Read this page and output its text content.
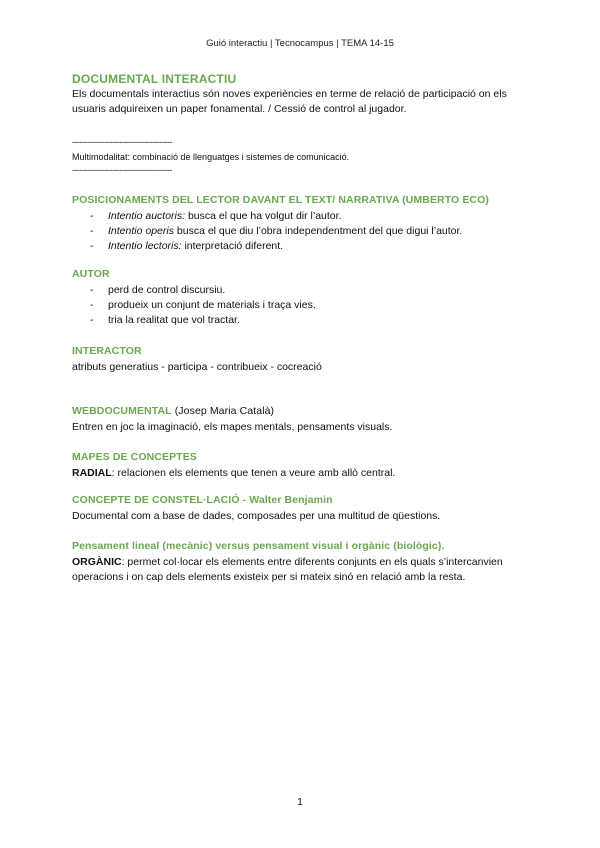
Guió interactiu | Tecnocampus | TEMA 14-15

DOCUMENTAL INTERACTIU

Els documentals interactius són noves experiències en terme de relació de participació on els usuaris adquireixen un paper fonamental. / Cessió de control al jugador.

----------------------------------------
Multimodalitat: combinació de llenguatges i sistemes de comunicació.
----------------------------------------

POSICIONAMENTS DEL LECTOR DAVANT EL TEXT/ NARRATIVA (UMBERTO ECO)

- Intentio auctoris: busca el que ha volgut dir l’autor.
- Intentio operis busca el que diu l’obra independentment del que digui l’autor.
- Intentio lectoris: interpretació diferent.

AUTOR

- perd de control discursiu.
- produeix un conjunt de materials i traça vies.
- tria la realitat que vol tractar.

INTERACTOR

atributs generatius - participa - contribueix - cocreació

WEBDOCUMENTAL (Josep Maria Català)

Entren en joc la imaginació, els mapes mentals, pensaments visuals.

MAPES DE CONCEPTES

RADIAL: relacionen els elements que tenen a veure amb allò central.

CONCEPTE DE CONSTEL·LACIÓ - Walter Benjamin

Documental com a base de dades, composades per una multitud de qüestions.

Pensament lineal (mecànic) versus pensament visual i orgànic (biològic).

ORGÀNIC: permet col·locar els elements entre diferents conjunts en els quals s’intercanvien operacions i on cap dels elements existeix per si mateix sinó en relació amb la resta.

1
